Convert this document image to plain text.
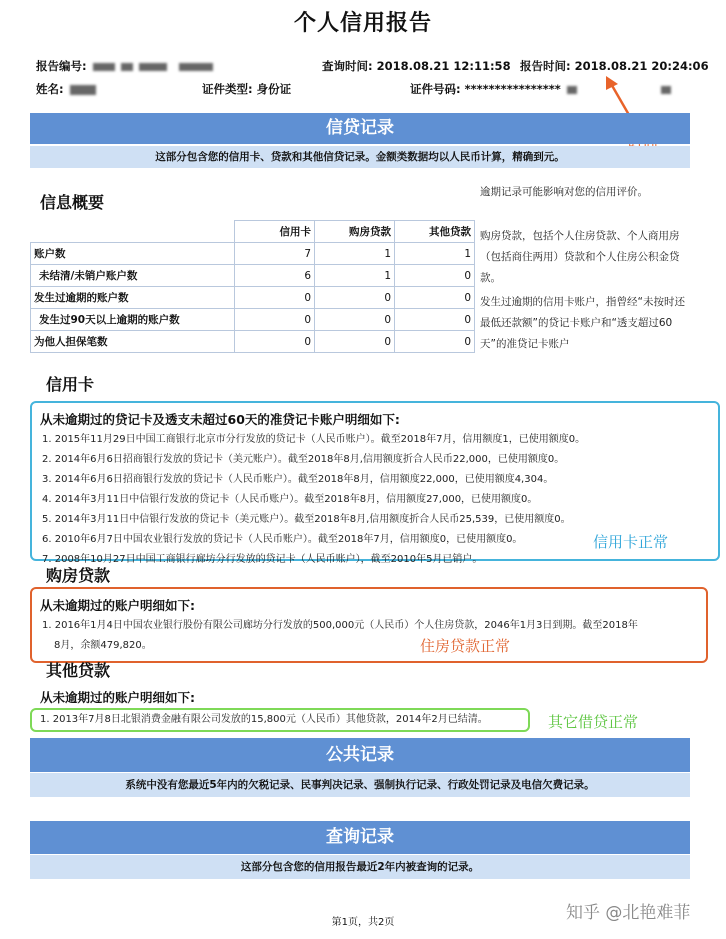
个人信用报告
报告编号:	查询时间: 2018.08.21 12:11:58 报告时间: 2018.08.21 20:24:06
姓名:	证件类型: 身份证	证件号码: ****************
信贷记录
这部分包含您的信用卡、贷款和其他信贷记录。金额类数据均以人民币计算，精确到元。
信息概要
	信用卡	购房贷款	其他贷款
账户数	7	1	1
未结清/未销户账户数	6	1	0
发生过逾期的账户数	0	0	0
发生过90天以上逾期的账户数	0	0	0
为他人担保笔数	0	0	0
逾期记录可能影响对您的信用评价。
购房贷款，包括个人住房贷款、个人商用房（包括商住两用）贷款和个人住房公积金贷款。
发生过逾期的信用卡账户，指曾经“未按时还最低还款额”的贷记卡账户和“透支超过60天”的准贷记卡账户
信用卡
从未逾期过的贷记卡及透支未超过60天的准贷记卡账户明细如下:
1. 2015年11月29日中国工商银行北京市分行发放的贷记卡（人民币账户）。截至2018年7月，信用额度1，已使用额度0。
2. 2014年6月6日招商银行发放的贷记卡（美元账户）。截至2018年8月,信用额度折合人民币22,000，已使用额度0。
3. 2014年6月6日招商银行发放的贷记卡（人民币账户）。截至2018年8月，信用额度22,000，已使用额度4,304。
4. 2014年3月11日中信银行发放的贷记卡（人民币账户）。截至2018年8月，信用额度27,000，已使用额度0。
5. 2014年3月11日中信银行发放的贷记卡（美元账户）。截至2018年8月,信用额度折合人民币25,539，已使用额度0。
6. 2010年6月7日中国农业银行发放的贷记卡（人民币账户）。截至2018年7月，信用额度0，已使用额度0。
7. 2008年10月27日中国工商银行廊坊分行发放的贷记卡（人民币账户），截至2010年5月已销户。
信用卡正常
购房贷款
从未逾期过的账户明细如下:
1. 2016年1月4日中国农业银行股份有限公司廊坊分行发放的500,000元（人民币）个人住房贷款，2046年1月3日到期。截至2018年
8月，余额479,820。	住房贷款正常
其他贷款
从未逾期过的账户明细如下:
1. 2013年7月8日北银消费金融有限公司发放的15,800元（人民币）其他贷款，2014年2月已结清。	其它借贷正常
公共记录
系统中没有您最近5年内的欠税记录、民事判决记录、强制执行记录、行政处罚记录及电信欠费记录。
查询记录
这部分包含您的信用报告最近2年内被查询的记录。
第1页，共2页	知乎 @北艳难菲
